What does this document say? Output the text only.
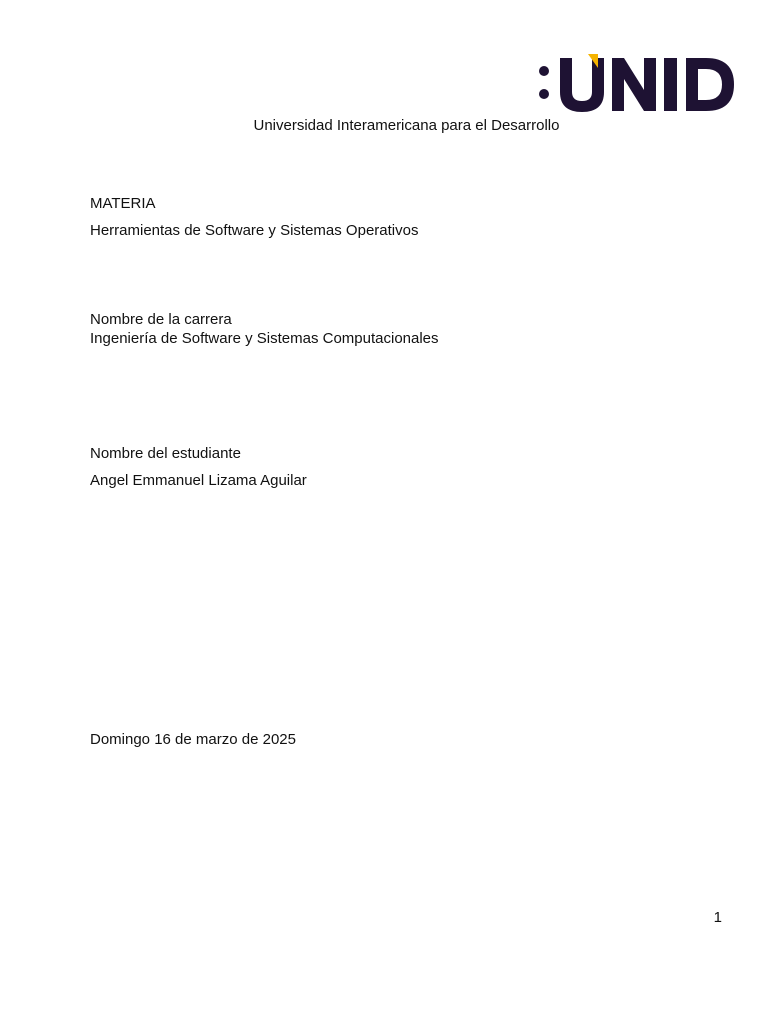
Universidad Interamericana para el Desarrollo
MATERIA
Herramientas de Software y Sistemas Operativos
Nombre de la carrera
Ingeniería de Software y Sistemas Computacionales
Nombre del estudiante
Angel Emmanuel Lizama Aguilar
Domingo 16 de marzo de 2025
1
